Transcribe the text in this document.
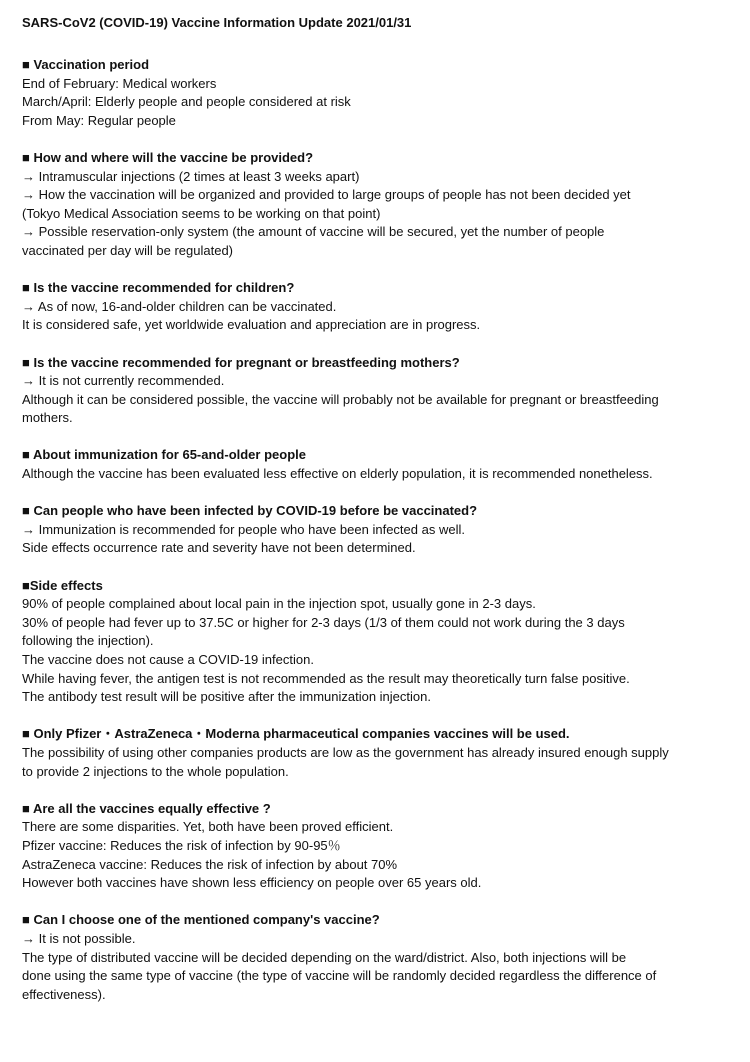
SARS-CoV2 (COVID-19) Vaccine Information Update 2021/01/31
■ Vaccination period
End of February: Medical workers
March/April: Elderly people and people considered at risk
From May: Regular people
■ How and where will the vaccine be provided?
→ Intramuscular injections (2 times at least 3 weeks apart)
→ How the vaccination will be organized and provided to large groups of people has not been decided yet
(Tokyo Medical Association seems to be working on that point)
→ Possible reservation-only system (the amount of vaccine will be secured, yet the number of people
vaccinated per day will be regulated)
■ Is the vaccine recommended for children?
→ As of now, 16-and-older children can be vaccinated.
It is considered safe, yet worldwide evaluation and appreciation are in progress.
■ Is the vaccine recommended for pregnant or breastfeeding mothers?
→ It is not currently recommended.
Although it can be considered possible, the vaccine will probably not be available for pregnant or breastfeeding
mothers.
■ About immunization for 65-and-older people
Although the vaccine has been evaluated less effective on elderly population, it is recommended nonetheless.
■ Can people who have been infected by COVID-19 before be vaccinated?
→ Immunization is recommended for people who have been infected as well.
Side effects occurrence rate and severity have not been determined.
■Side effects
90% of people complained about local pain in the injection spot, usually gone in 2-3 days.
30% of people had fever up to 37.5C or higher for 2-3 days (1/3 of them could not work during the 3 days
following the injection).
The vaccine does not cause a COVID-19 infection.
While having fever, the antigen test is not recommended as the result may theoretically turn false positive.
The antibody test result will be positive after the immunization injection.
■ Only Pfizer・AstraZeneca・Moderna pharmaceutical companies vaccines will be used.
The possibility of using other companies products are low as the government has already insured enough supply
to provide 2 injections to the whole population.
■ Are all the vaccines equally effective ?
There are some disparities. Yet, both have been proved efficient.
Pfizer vaccine: Reduces the risk of infection by 90-95％
AstraZeneca vaccine: Reduces the risk of infection by about 70%
However both vaccines have shown less efficiency on people over 65 years old.
■ Can I choose one of the mentioned company's vaccine?
→ It is not possible.
The type of distributed vaccine will be decided depending on the ward/district. Also, both injections will be
done using the same type of vaccine (the type of vaccine will be randomly decided regardless the difference of
effectiveness).
